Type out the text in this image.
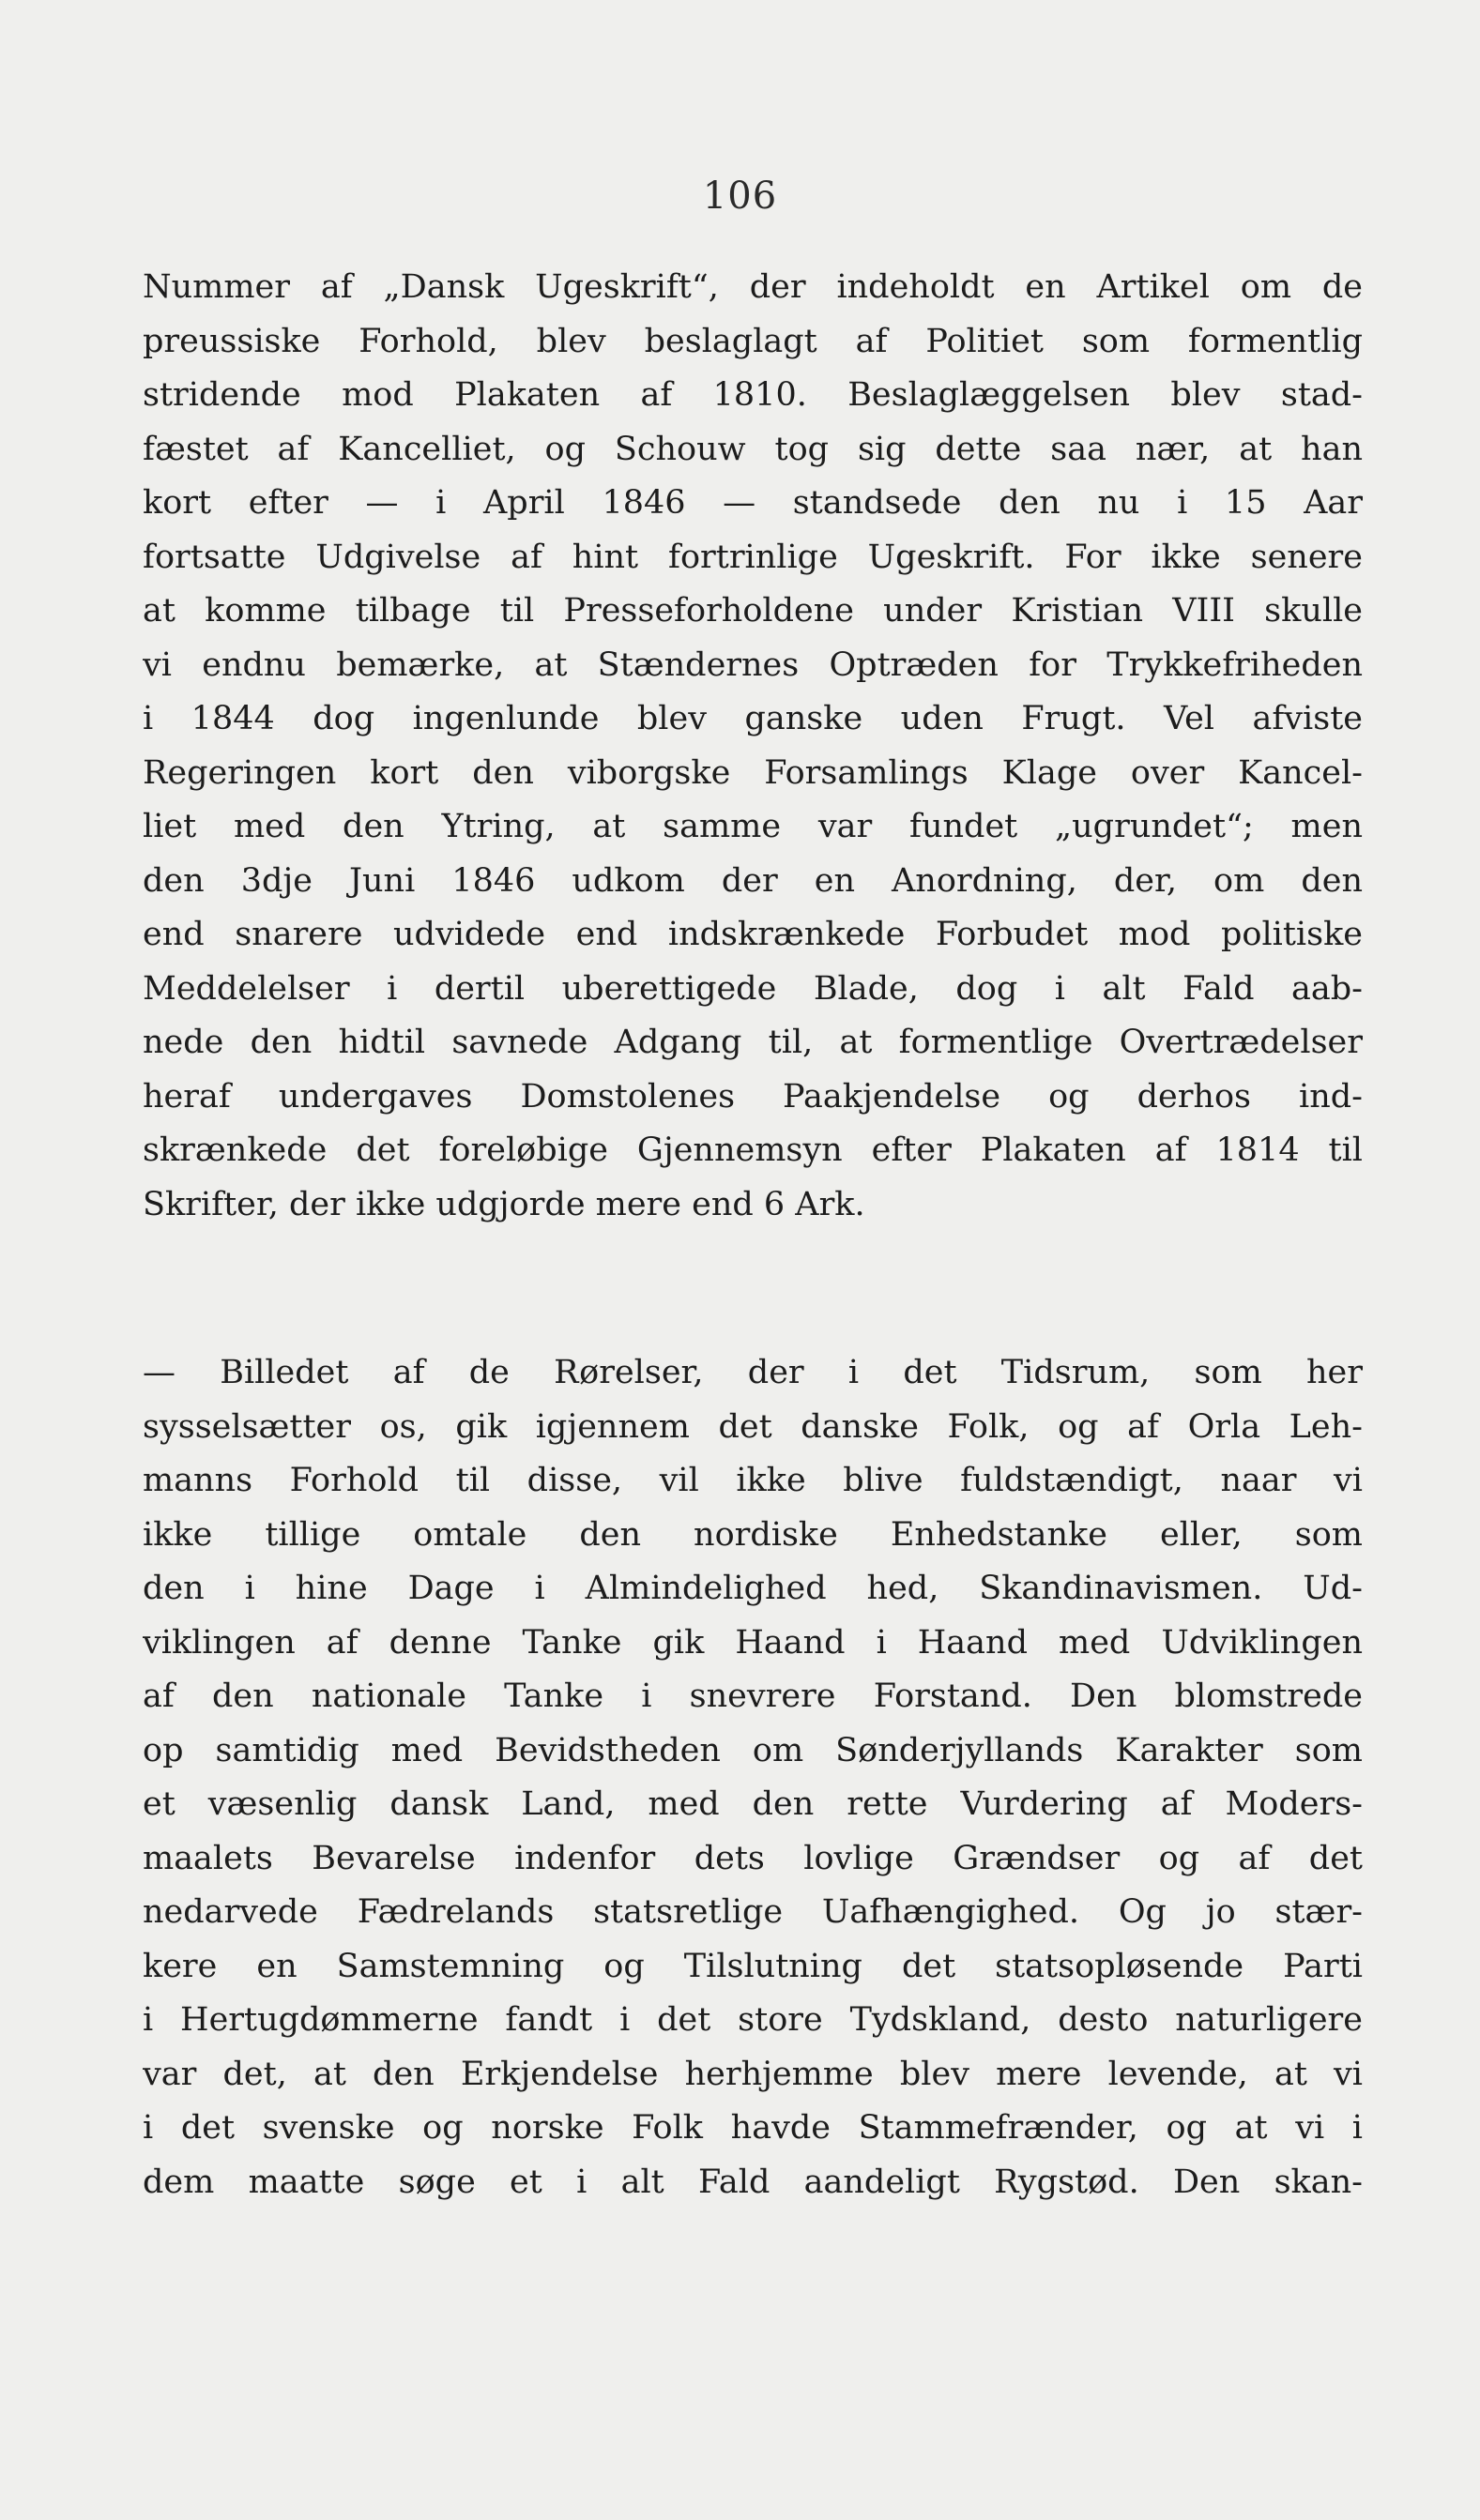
106
Nummer af „Dansk Ugeskrift“, der indeholdt en Artikel om de
preussiske Forhold, blev beslaglagt af Politiet som formentlig
stridende mod Plakaten af 1810. Beslaglæggelsen blev stad-
fæstet af Kancelliet, og Schouw tog sig dette saa nær, at han
kort efter — i April 1846 — standsede den nu i 15 Aar
fortsatte Udgivelse af hint fortrinlige Ugeskrift. For ikke senere
at komme tilbage til Presseforholdene under Kristian VIII skulle
vi endnu bemærke, at Stændernes Optræden for Trykkefriheden
i 1844 dog ingenlunde blev ganske uden Frugt. Vel afviste
Regeringen kort den viborgske Forsamlings Klage over Kancel-
liet med den Ytring, at samme var fundet „ugrundet“; men
den 3dje Juni 1846 udkom der en Anordning, der, om den
end snarere udvidede end indskrænkede Forbudet mod politiske
Meddelelser i dertil uberettigede Blade, dog i alt Fald aab-
nede den hidtil savnede Adgang til, at formentlige Overtrædelser
heraf undergaves Domstolenes Paakjendelse og derhos ind-
skrænkede det foreløbige Gjennemsyn efter Plakaten af 1814 til
Skrifter, der ikke udgjorde mere end 6 Ark.
— Billedet af de Rørelser, der i det Tidsrum, som her
sysselsætter os, gik igjennem det danske Folk, og af Orla Leh-
manns Forhold til disse, vil ikke blive fuldstændigt, naar vi
ikke tillige omtale den nordiske Enhedstanke eller, som
den i hine Dage i Almindelighed hed, Skandinavismen. Ud-
viklingen af denne Tanke gik Haand i Haand med Udviklingen
af den nationale Tanke i snevrere Forstand. Den blomstrede
op samtidig med Bevidstheden om Sønderjyllands Karakter som
et væsenlig dansk Land, med den rette Vurdering af Moders-
maalets Bevarelse indenfor dets lovlige Grændser og af det
nedarvede Fædrelands statsretlige Uafhængighed. Og jo stær-
kere en Samstemning og Tilslutning det statsopløsende Parti
i Hertugdømmerne fandt i det store Tydskland, desto naturligere
var det, at den Erkjendelse herhjemme blev mere levende, at vi
i det svenske og norske Folk havde Stammefrænder, og at vi i
dem maatte søge et i alt Fald aandeligt Rygstød. Den skan-
